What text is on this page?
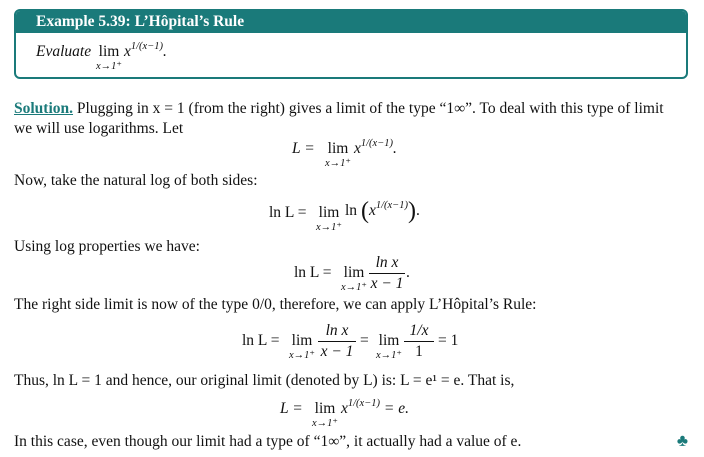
Example 5.39: L’Hôpital’s Rule
Evaluate lim
x→1⁺
$x^{1/(x-1)}$.
Solution. Plugging in x = 1 (from the right) gives a limit of the type “1∞”. To deal with this type of limit
we will use logarithms. Let
L = lim
x→1⁺
$x^{1/(x-1)}$.
Now, take the natural log of both sides:
ln L = lim
x→1⁺
$\ln (x^{1/(x-1)})$.
Using log properties we have:
ln L = lim
$x\to 1^+ \frac{\text{ln x}}{x - 1}$ .
The right side limit is now of the type 0/0, therefore, we can apply L’Hôpital’s Rule:
ln L = lim
$x\to 1^+ \frac{\text{ln x}}{x - 1} = \lim$
$x\to 1^+ \frac{1/x}{1} = 1$
Thus, ln L = 1 and hence, our original limit (denoted by L) is: L = e¹ = e. That is,
L = lim
x→1⁺
$x^{1/(x-1)} = e$.
In this case, even though our limit had a type of “1∞”, it actually had a value of e.	♣
